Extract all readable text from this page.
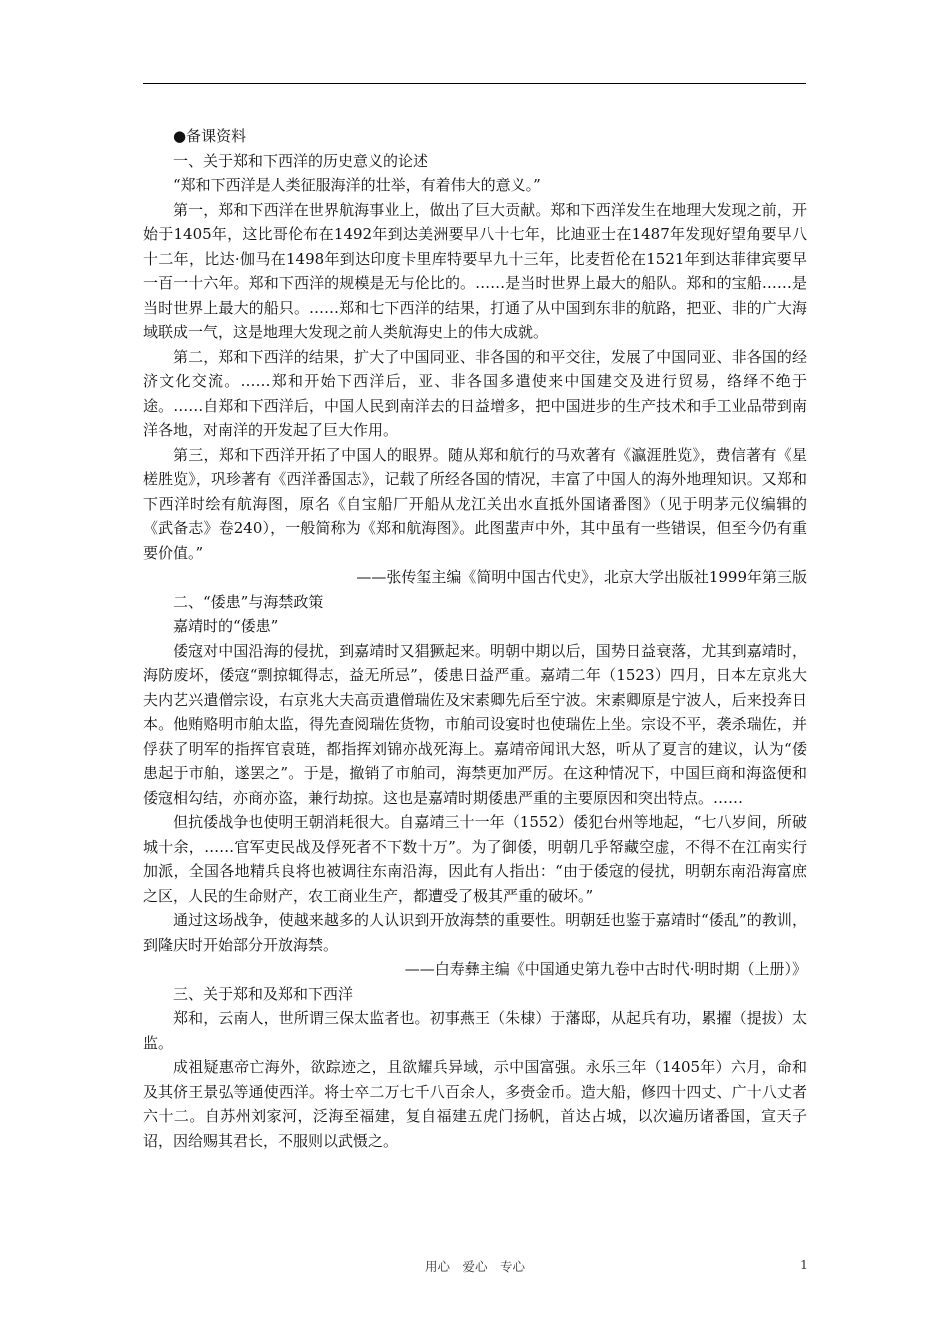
●备课资料

一、关于郑和下西洋的历史意义的论述

“郑和下西洋是人类征服海洋的壮举，有着伟大的意义。”

第一，郑和下西洋在世界航海事业上，做出了巨大贡献。郑和下西洋发生在地理大发现之前，开始于1405年，这比哥伦布在1492年到达美洲要早八十七年，比迪亚士在1487年发现好望角要早八十二年，比达·伽马在1498年到达印度卡里库特要早九十三年，比麦哲伦在1521年到达菲律宾要早一百一十六年。郑和下西洋的规模是无与伦比的。……是当时世界上最大的船队。郑和的宝船……是当时世界上最大的船只。……郑和七下西洋的结果，打通了从中国到东非的航路，把亚、非的广大海域联成一气，这是地理大发现之前人类航海史上的伟大成就。

第二，郑和下西洋的结果，扩大了中国同亚、非各国的和平交往，发展了中国同亚、非各国的经济文化交流。……郑和开始下西洋后，亚、非各国多遣使来中国建交及进行贸易，络绎不绝于途。……自郑和下西洋后，中国人民到南洋去的日益增多，把中国进步的生产技术和手工业品带到南洋各地，对南洋的开发起了巨大作用。

第三，郑和下西洋开拓了中国人的眼界。随从郑和航行的马欢著有《瀛涯胜览》，费信著有《星槎胜览》，巩珍著有《西洋番国志》，记载了所经各国的情况，丰富了中国人的海外地理知识。又郑和下西洋时绘有航海图，原名《自宝船厂开船从龙江关出水直抵外国诸番图》（见于明茅元仪编辑的《武备志》卷240），一般简称为《郑和航海图》。此图蜚声中外，其中虽有一些错误，但至今仍有重要价值。”

——张传玺主编《简明中国古代史》，北京大学出版社1999年第三版

二、“倭患”与海禁政策

嘉靖时的“倭患”

倭寇对中国沿海的侵扰，到嘉靖时又猖獗起来。明朝中期以后，国势日益衰落，尤其到嘉靖时，海防废坏，倭寇“剽掠辄得志，益无所忌”，倭患日益严重。嘉靖二年（1523）四月，日本左京兆大夫内艺兴遣僧宗设，右京兆大夫高贡遣僧瑞佐及宋素卿先后至宁波。宋素卿原是宁波人，后来投奔日本。他贿赂明市舶太监，得先查阅瑞佐货物，市舶司设宴时也使瑞佐上坐。宗设不平，袭杀瑞佐，并俘获了明军的指挥官袁琏，都指挥刘锦亦战死海上。嘉靖帝闻讯大怒，听从了夏言的建议，认为“倭患起于市舶，遂罢之”。于是，撤销了市舶司，海禁更加严厉。在这种情况下，中国巨商和海盗便和倭寇相勾结，亦商亦盗，兼行劫掠。这也是嘉靖时期倭患严重的主要原因和突出特点。……

但抗倭战争也使明王朝消耗很大。自嘉靖三十一年（1552）倭犯台州等地起，“七八岁间，所破城十余，……官军吏民战及俘死者不下数十万”。为了御倭，明朝几乎帑藏空虚，不得不在江南实行加派，全国各地精兵良将也被调往东南沿海，因此有人指出：“由于倭寇的侵扰，明朝东南沿海富庶之区，人民的生命财产，农工商业生产，都遭受了极其严重的破坏。”

通过这场战争，使越来越多的人认识到开放海禁的重要性。明朝廷也鉴于嘉靖时“倭乱”的教训，到隆庆时开始部分开放海禁。

——白寿彝主编《中国通史第九卷中古时代·明时期（上册）》

三、关于郑和及郑和下西洋

郑和，云南人，世所谓三保太监者也。初事燕王（朱棣）于藩邸，从起兵有功，累擢（提拔）太监。

成祖疑惠帝亡海外，欲踪迹之，且欲耀兵异域，示中国富强。永乐三年（1405年）六月，命和及其侪王景弘等通使西洋。将士卒二万七千八百余人，多赍金币。造大船，修四十四丈、广十八丈者六十二。自苏州刘家河，泛海至福建，复自福建五虎门扬帆，首达占城，以次遍历诸番国，宣天子诏，因给赐其君长，不服则以武慑之。

用心　爱心　专心	1
